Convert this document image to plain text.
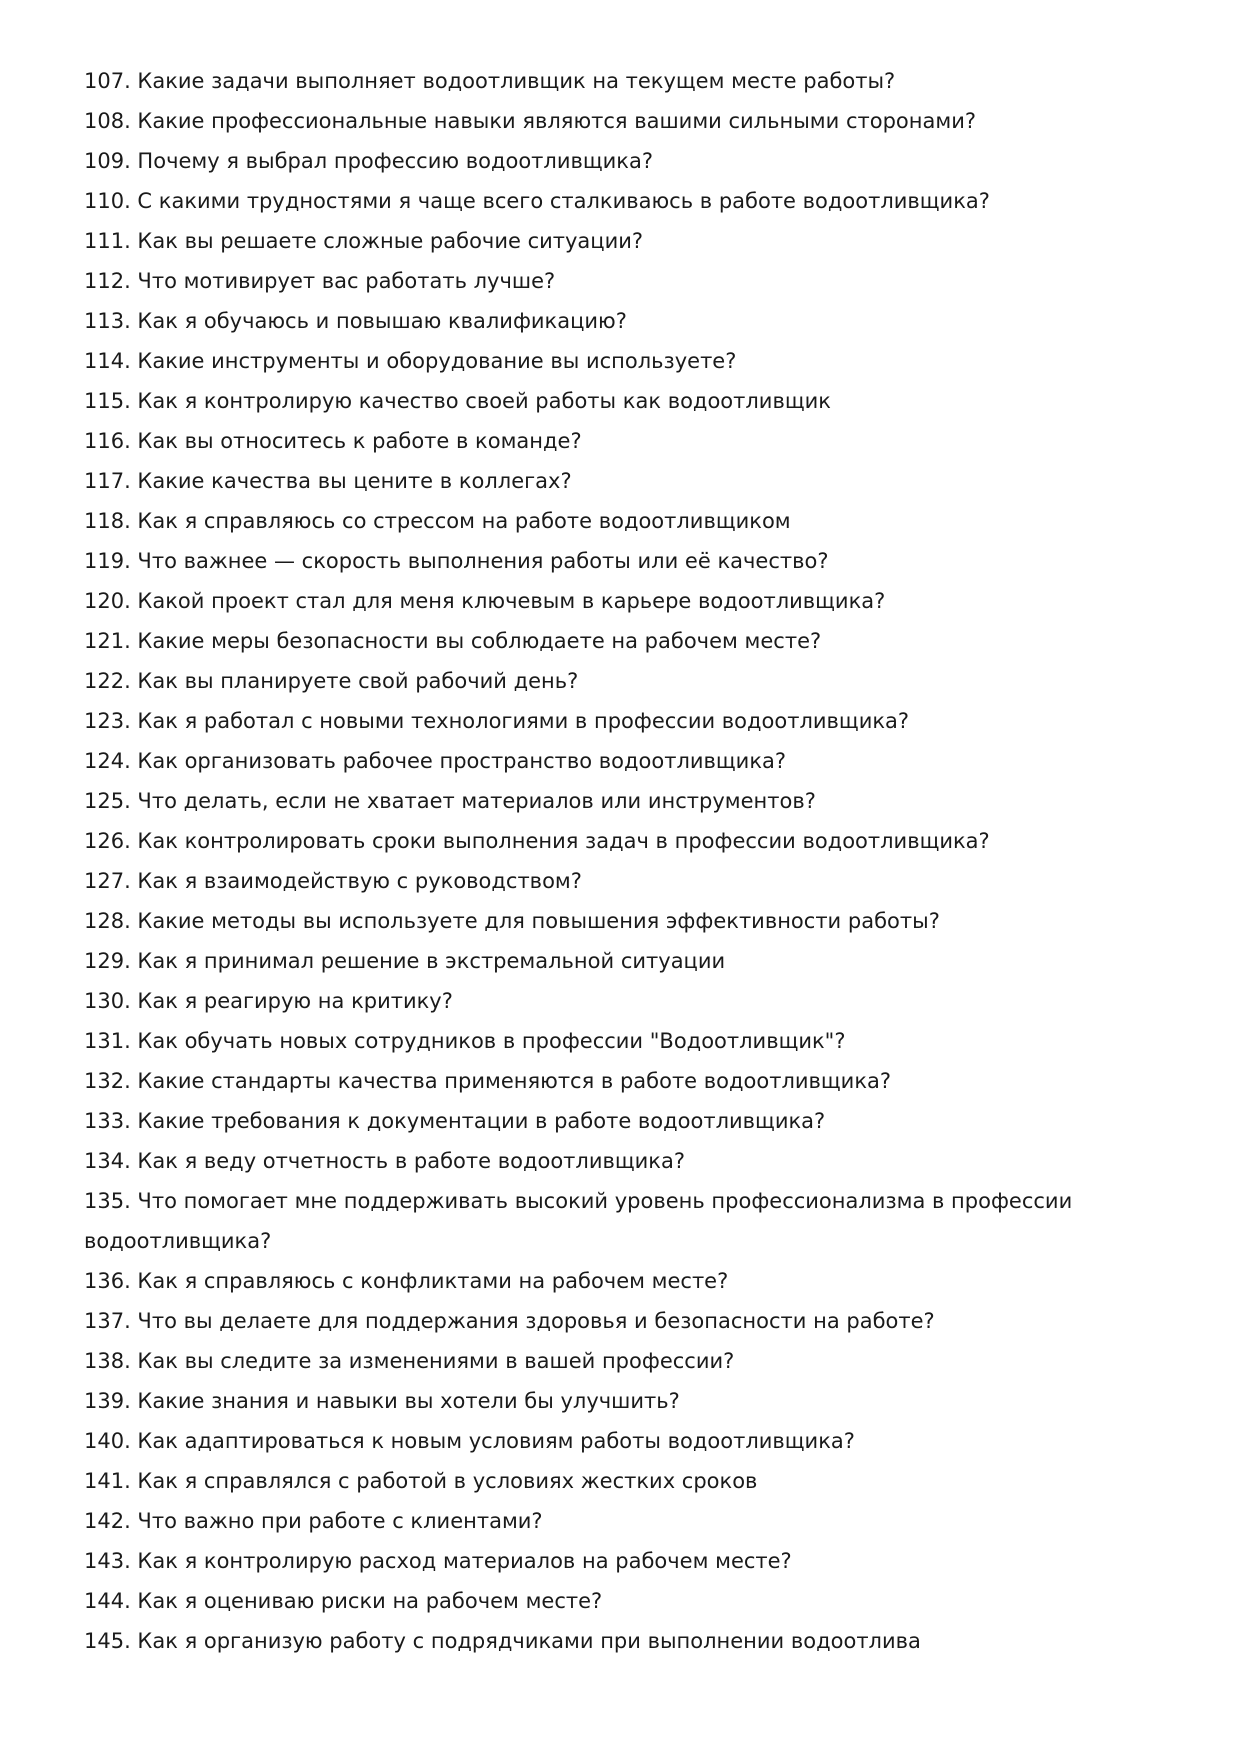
107. Какие задачи выполняет водоотливщик на текущем месте работы?
108. Какие профессиональные навыки являются вашими сильными сторонами?
109. Почему я выбрал профессию водоотливщика?
110. С какими трудностями я чаще всего сталкиваюсь в работе водоотливщика?
111. Как вы решаете сложные рабочие ситуации?
112. Что мотивирует вас работать лучше?
113. Как я обучаюсь и повышаю квалификацию?
114. Какие инструменты и оборудование вы используете?
115. Как я контролирую качество своей работы как водоотливщик
116. Как вы относитесь к работе в команде?
117. Какие качества вы цените в коллегах?
118. Как я справляюсь со стрессом на работе водоотливщиком
119. Что важнее — скорость выполнения работы или её качество?
120. Какой проект стал для меня ключевым в карьере водоотливщика?
121. Какие меры безопасности вы соблюдаете на рабочем месте?
122. Как вы планируете свой рабочий день?
123. Как я работал с новыми технологиями в профессии водоотливщика?
124. Как организовать рабочее пространство водоотливщика?
125. Что делать, если не хватает материалов или инструментов?
126. Как контролировать сроки выполнения задач в профессии водоотливщика?
127. Как я взаимодействую с руководством?
128. Какие методы вы используете для повышения эффективности работы?
129. Как я принимал решение в экстремальной ситуации
130. Как я реагирую на критику?
131. Как обучать новых сотрудников в профессии "Водоотливщик"?
132. Какие стандарты качества применяются в работе водоотливщика?
133. Какие требования к документации в работе водоотливщика?
134. Как я веду отчетность в работе водоотливщика?
135. Что помогает мне поддерживать высокий уровень профессионализма в профессии водоотливщика?
136. Как я справляюсь с конфликтами на рабочем месте?
137. Что вы делаете для поддержания здоровья и безопасности на работе?
138. Как вы следите за изменениями в вашей профессии?
139. Какие знания и навыки вы хотели бы улучшить?
140. Как адаптироваться к новым условиям работы водоотливщика?
141. Как я справлялся с работой в условиях жестких сроков
142. Что важно при работе с клиентами?
143. Как я контролирую расход материалов на рабочем месте?
144. Как я оцениваю риски на рабочем месте?
145. Как я организую работу с подрядчиками при выполнении водоотлива
